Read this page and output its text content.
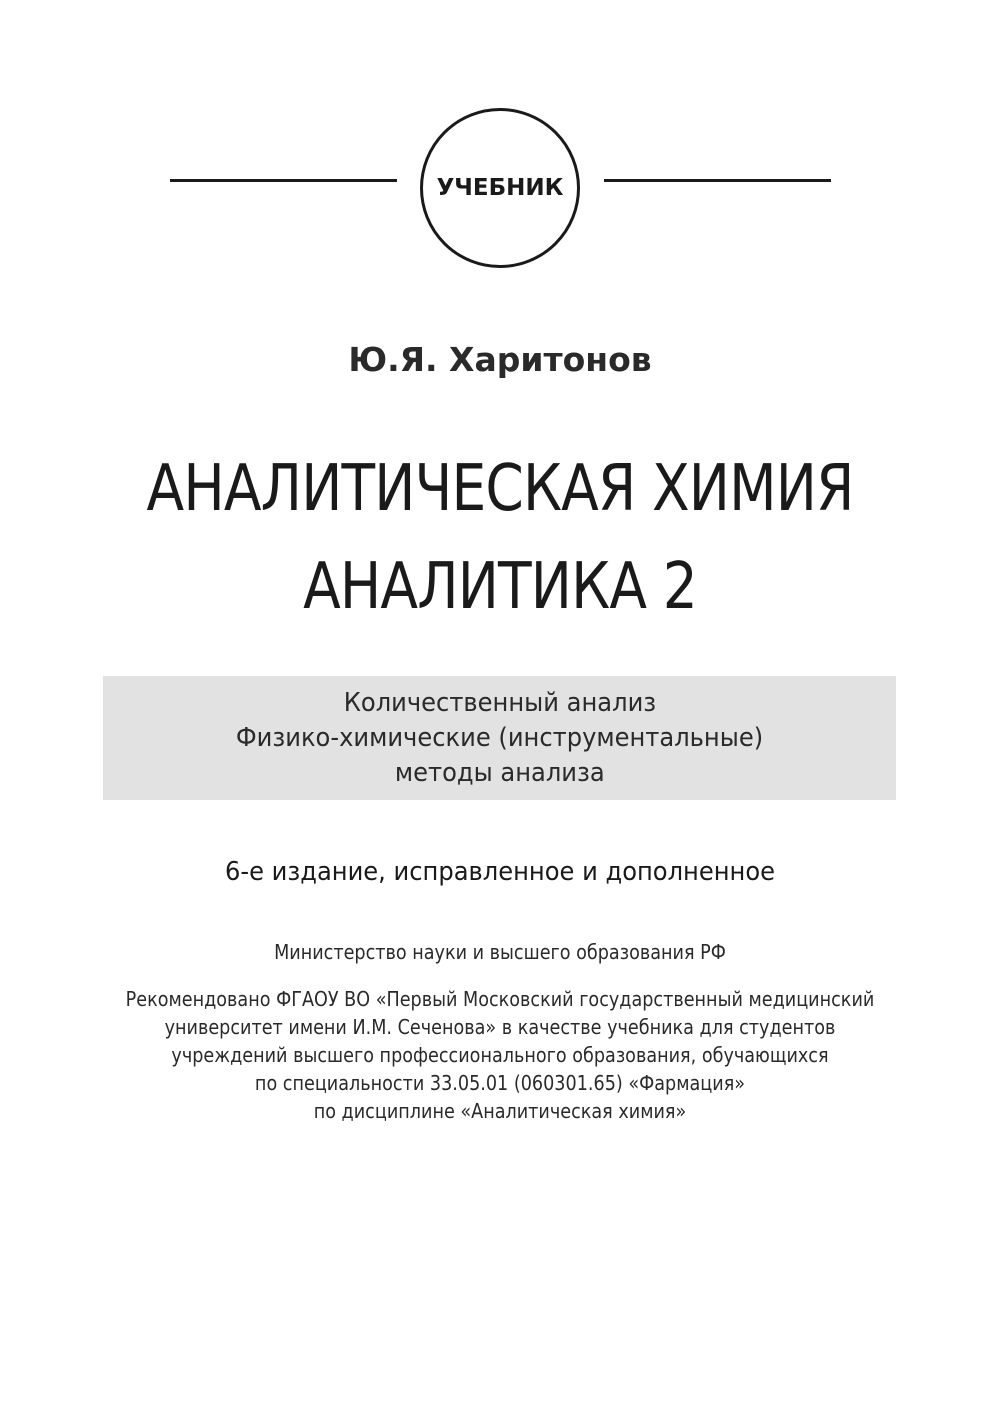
УЧЕБНИК
Ю.Я. Харитонов
АНАЛИТИЧЕСКАЯ ХИМИЯ
АНАЛИТИКА 2
Количественный анализ
Физико-химические (инструментальные)
методы анализа
6-е издание, исправленное и дополненное
Министерство науки и высшего образования РФ
Рекомендовано ФГАОУ ВО «Первый Московский государственный медицинский
университет имени И.М. Сеченова» в качестве учебника для студентов
учреждений высшего профессионального образования, обучающихся
по специальности 33.05.01 (060301.65) «Фармация»
по дисциплине «Аналитическая химия»
